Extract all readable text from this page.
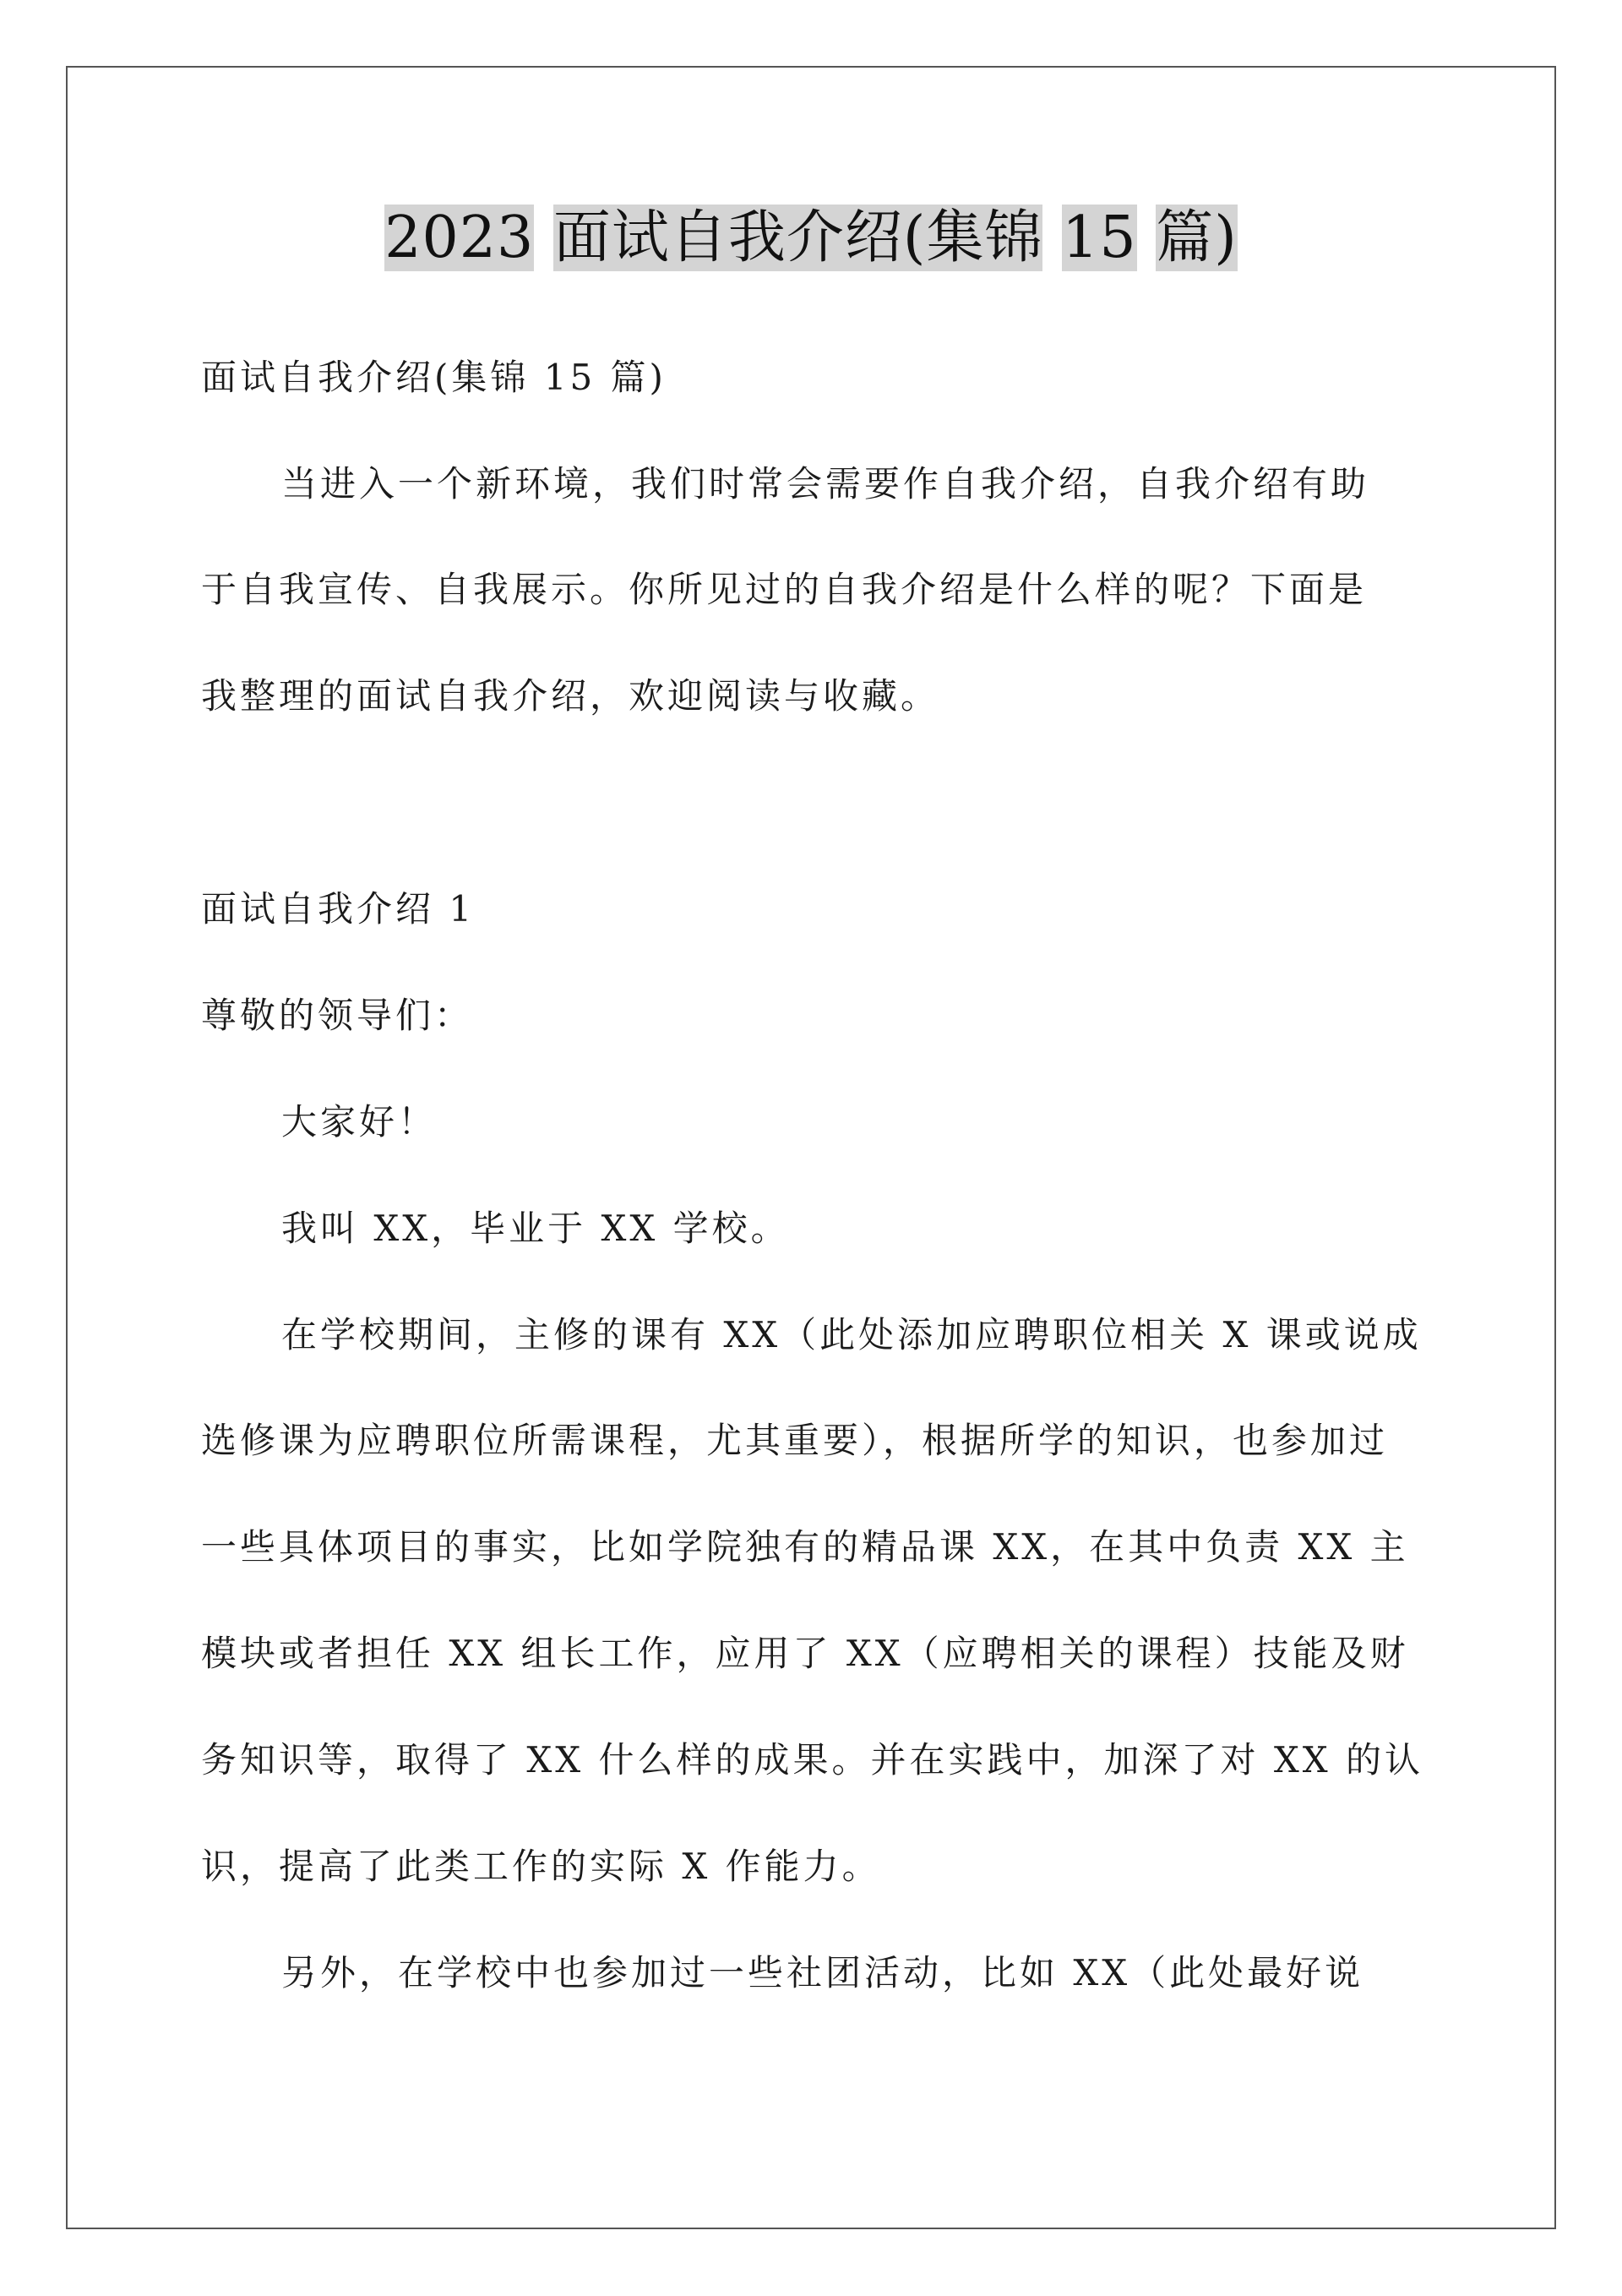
2023 面试自我介绍(集锦 15 篇)
面试自我介绍(集锦 15 篇)
当进入一个新环境，我们时常会需要作自我介绍，自我介绍有助
于自我宣传、自我展示。你所见过的自我介绍是什么样的呢？下面是
我整理的面试自我介绍，欢迎阅读与收藏。
面试自我介绍 1
尊敬的领导们：
大家好！
我叫 XX，毕业于 XX 学校。
在学校期间，主修的课有 XX（此处添加应聘职位相关 X 课或说成
选修课为应聘职位所需课程，尤其重要），根据所学的知识，也参加过
一些具体项目的事实，比如学院独有的精品课 XX，在其中负责 XX 主
模块或者担任 XX 组长工作，应用了 XX（应聘相关的课程）技能及财
务知识等，取得了 XX 什么样的成果。并在实践中，加深了对 XX 的认
识，提高了此类工作的实际 X 作能力。
另外，在学校中也参加过一些社团活动，比如 XX（此处最好说
